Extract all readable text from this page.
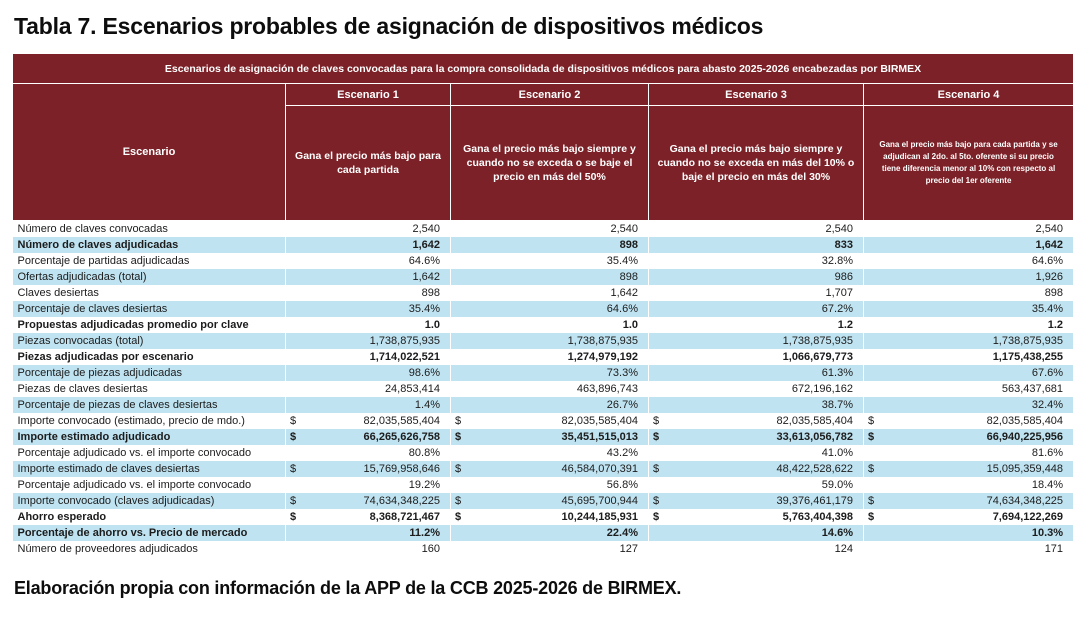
Tabla 7. Escenarios probables de asignación de dispositivos médicos
Escenarios de asignación de claves convocadas para la compra consolidada de dispositivos médicos para abasto 2025-2026 encabezadas por BIRMEX				
Escenario	Escenario 1	Escenario 2	Escenario 3	Escenario 4
	Gana el precio más bajo para cada partida	Gana el precio más bajo siempre y cuando no se exceda o se baje el precio en más del 50%	Gana el precio más bajo siempre y cuando no se exceda en más del 10% o baje el precio en más del 30%	Gana el precio más bajo para cada partida y se adjudican al 2do. al 5to. oferente si su precio tiene diferencia menor al 10% con respecto al precio del 1er oferente
Número de claves convocadas	2,540	2,540	2,540	2,540
Número de claves adjudicadas	1,642	898	833	1,642
Porcentaje de partidas adjudicadas	64.6%	35.4%	32.8%	64.6%
Ofertas adjudicadas (total)	1,642	898	986	1,926
Claves desiertas	898	1,642	1,707	898
Porcentaje de claves desiertas	35.4%	64.6%	67.2%	35.4%
Propuestas adjudicadas promedio por clave	1.0	1.0	1.2	1.2
Piezas convocadas (total)	1,738,875,935	1,738,875,935	1,738,875,935	1,738,875,935
Piezas adjudicadas por escenario	1,714,022,521	1,274,979,192	1,066,679,773	1,175,438,255
Porcentaje de piezas adjudicadas	98.6%	73.3%	61.3%	67.6%
Piezas de claves desiertas	24,853,414	463,896,743	672,196,162	563,437,681
Porcentaje de piezas de claves desiertas	1.4%	26.7%	38.7%	32.4%
Importe convocado (estimado, precio de mdo.)	$ 82,035,585,404	$ 82,035,585,404	$ 82,035,585,404	$ 82,035,585,404
Importe estimado adjudicado	$ 66,265,626,758	$ 35,451,515,013	$ 33,613,056,782	$ 66,940,225,956
Porcentaje adjudicado vs. el importe convocado	80.8%	43.2%	41.0%	81.6%
Importe estimado de claves desiertas	$ 15,769,958,646	$ 46,584,070,391	$ 48,422,528,622	$ 15,095,359,448
Porcentaje adjudicado vs. el importe convocado	19.2%	56.8%	59.0%	18.4%
Importe convocado (claves adjudicadas)	$ 74,634,348,225	$ 45,695,700,944	$ 39,376,461,179	$ 74,634,348,225
Ahorro esperado	$ 8,368,721,467	$ 10,244,185,931	$ 5,763,404,398	$ 7,694,122,269
Porcentaje de ahorro vs. Precio de mercado	11.2%	22.4%	14.6%	10.3%
Número de proveedores adjudicados	160	127	124	171
Elaboración propia con información de la APP de la CCB 2025-2026 de BIRMEX.
